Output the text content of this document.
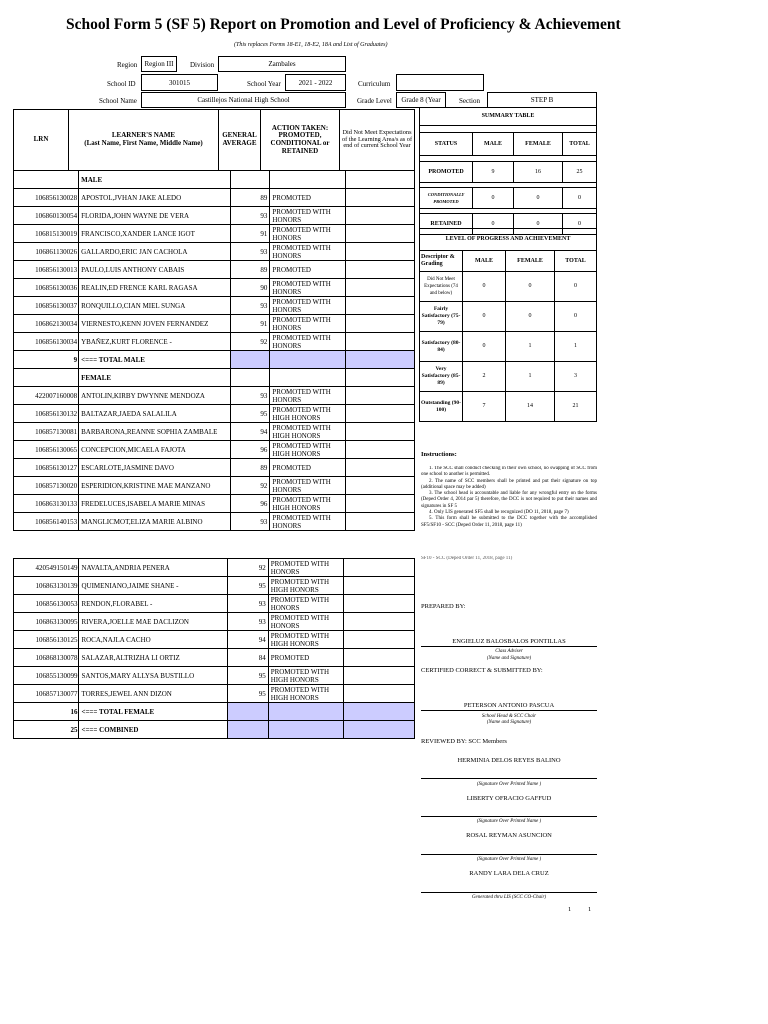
School Form 5 (SF 5) Report on Promotion and Level of Proficiency & Achievement
(This replaces Forms 18-E1, 18-E2, 18A and List of Graduates)
Region	Region III	Division	Zambales
School ID	301015	School Year	2021 - 2022	Curriculum
School Name	Castillejos National High School	Grade Level	Grade 8 (Year	Section	STEP B
LRN	LEARNER'S NAME
(Last Name, First Name, Middle Name)
GENERAL AVERAGE
ACTION TAKEN: PROMOTED, CONDITIONAL or RETAINED
Did Not Meet Expectations of the Learning Area/s as of end of current School Year
	MALE			
106856130028	APOSTOL,JVHAN JAKE ALEDO	89	PROMOTED	
106860130054	FLORIDA,JOHN WAYNE DE VERA	93	PROMOTED WITH HONORS	
106815130019	FRANCISCO,XANDER LANCE IGOT	91	PROMOTED WITH HONORS	
106861130026	GALLARDO,ERIC JAN CACHOLA	93	PROMOTED WITH HONORS	
106856130013	PAULO,LUIS ANTHONY CABAIS	89	PROMOTED	
106856130036	REALIN,ED FRENCE KARL RAGASA	90	PROMOTED WITH HONORS	
106856130037	RONQUILLO,CIAN MIEL SUNGA	93	PROMOTED WITH HONORS	
106862130034	VIERNESTO,KENN JOVEN FERNANDEZ	91	PROMOTED WITH HONORS	
106856130034	YBAÑEZ,KURT FLORENCE -	92	PROMOTED WITH HONORS	
9	<=== TOTAL MALE			
	FEMALE			
422007160008	ANTOLIN,KIRBY DWYNNE MENDOZA	93	PROMOTED WITH HONORS	
106856130132	BALTAZAR,JAEDA SALALILA	95	PROMOTED WITH HIGH HONORS	
106857130081	BARBARONA,REANNE SOPHIA ZAMBALE	94	PROMOTED WITH HIGH HONORS	
106856130065	CONCEPCION,MICAELA FAJOTA	96	PROMOTED WITH HIGH HONORS	
106856130127	ESCARLOTE,JASMINE DAVO	89	PROMOTED	
106857130020	ESPERIDION,KRISTINE MAE MANZANO	92	PROMOTED WITH HONORS	
106863130133	FREDELUCES,ISABELA MARIE MINAS	96	PROMOTED WITH HIGH HONORS	
106856140153	MANGLICMOT,ELIZA MARIE ALBINO	93	PROMOTED WITH HONORS	
420549150149	NAVALTA,ANDRIA PENERA	92	PROMOTED WITH HONORS	
106863130139	QUIMENIANO,JAIME SHANE -	95	PROMOTED WITH HIGH HONORS	
106856130053	RENDON,FLORABEL -	93	PROMOTED WITH HONORS	
106863130095	RIVERA,JOELLE MAE DACLIZON	93	PROMOTED WITH HONORS	
106856130125	ROCA,NAJLA CACHO	94	PROMOTED WITH HIGH HONORS	
106868130078	SALAZAR,ALTRIZHA LI ORTIZ	84	PROMOTED	
106855130099	SANTOS,MARY ALLYSA BUSTILLO	95	PROMOTED WITH HIGH HONORS	
106857130077	TORRES,JEWEL ANN DIZON	95	PROMOTED WITH HIGH HONORS	
16	<=== TOTAL FEMALE			
25	<=== COMBINED			
SUMMARY TABLE			

STATUS	MALE	FEMALE	TOTAL

PROMOTED	9	16	25

CONDITIONALLY PROMOTED	0	0	0

RETAINED	0	0	0
LEVEL OF PROGRESS AND ACHIEVEMENT			
Descriptor & Grading	MALE	FEMALE	TOTAL
Did Not Meet Expectations (74 and below)	0	0	0
Fairly Satisfactory (75-79)	0	0	0
Satisfactory (80-84)	0	1	1
Very Satisfactory (85-89)	2	1	3
Outstanding (90-100)	7	14	21
Instructions:
1. The SCC shall conduct checking in their own school, no swapping of SCC from one school to another is permitted.
2. The name of SCC members shall be printed and put their signature on top (additional space may be added)
3. The school head is accountable and liable for any wrongful entry on the forms (Deped Order 4, 2014 par 5) therefore, the DCC is not required to put their names and signatures in SF 5
4. Only LIS generated SF5 shall be recognized (DO 11, 2018, page 7)
5. This form shall be submitted to the DCC together with the accomplished SF5/SF10 - SCC (Deped Order 11, 2018, page 11)
SF10 - SCC (Deped Order 11, 2018, page 11)
PREPARED BY:
ENGIELUZ BALOSBALOS PONTILLAS
Class Adviser
(Name and Signature)
CERTIFIED CORRECT & SUBMITTED BY:
PETERSON ANTONIO PASCUA
School Head & SCC Chair
(Name and Signature)
REVIEWED BY: SCC Members
HERMINIA DELOS REYES BALINO
(Signature Over Printed Name )
LIBERTY OFRACIO GAFFUD
(Signature Over Printed Name )
ROSAL REYMAN ASUNCION
(Signature Over Printed Name )
RANDY LARA DELA CRUZ
Generated thru LIS (SCC CO-Chair)
1	1
